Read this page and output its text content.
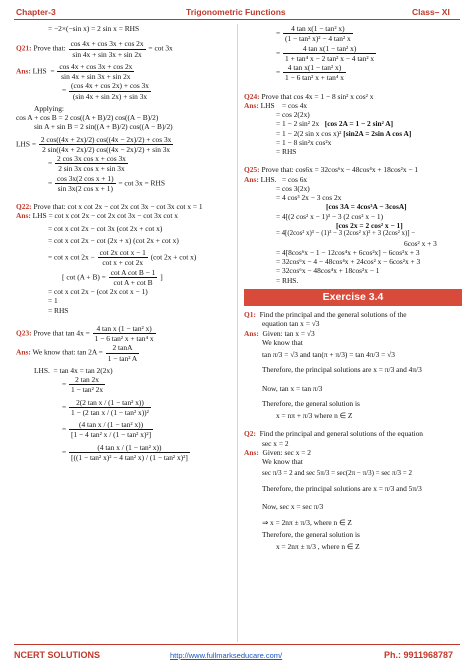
Chapter-3	Trigonometric Functions	Class– XI

= −2×(−sin x) = 2 sin x = RHS

Q21: Prove that: $\frac{\cos 4x + \cos 3x + \cos 2x}{\sin 4x + \sin 3x + \sin 2x} = \cot 3x$

Ans: LHS  = $\frac{\cos 4x + \cos 3x + \cos 2x}{\sin 4x + \sin 3x + \sin 2x}$

= $\frac{(\cos 4x + \cos 2x) + \cos 3x}{(\sin 4x + \sin 2x) + \sin 3x}$

Applying:

cos A + cos B = 2 cos((A + B)/2) cos((A − B)/2)

sin A + sin B = 2 sin((A + B)/2) cos((A − B)/2)

LHS = $\frac{2 \cos((4x + 2x)/2) \cos((4x - 2x)/2) + \cos 3x}{2 \sin((4x + 2x)/2) \cos((4x - 2x)/2) + \sin 3x}$

= $\frac{\text{2 cos 3x cos x + cos 3x}}{\text{2 sin 3x cos x + sin 3x}}$

= $\frac{\text{cos 3x(2 cos x + 1)}}{\text{sin 3x(2 cos x + 1)}} = \cot 3x$ = RHS

Q22: Prove that: cot x cot 2x − cot 2x cot 3x − cot 3x cot x = 1

Ans: LHS = cot x cot 2x − cot 2x cot 3x − cot 3x cot x

= cot x cot 2x − cot 3x (cot 2x + cot x)

= cot x cot 2x − cot (2x + x) (cot 2x + cot x)

= cot x $\cot 2x - \frac{\text{cot 2x cot x − 1}}{\text{cot x + cot 2x}} (\cot$ 2x + cot x)

[ $\cot (A + B) = \frac{\text{cot A cot B − 1}}{\text{cot A + cot B}}$ ]

= cot x cot 2x − (cot 2x cot x − 1)

= 1

= RHS

Q23: Prove that $\tan 4x = \frac{\text{4 tan x (1 − tan² x)}}{\text{1 − 6 tan² x + tan⁴ x}}$

Ans: We know that: $\tan 2A = \frac{2 \tan A}{\text{1 − tan² A}}$

LHS. = tan 4x = tan 2(2x)

= $\frac{2 \tan 2x}{\text{1 − tan² 2x}}$

= $\frac{\text{2(2 tan x / (1 − tan² x))}}{\text{1 − (2 tan x / (1 − tan² x))²}}$

= $\frac{\text{(4 tan x / (1 − tan² x))}}{\text{[1 − 4 tan² x / (1 − tan² x)²]}}$

= $\frac{\text{(4 tan x / (1 − tan² x))}}{\text{[((1 − tan² x)² − 4 tan² x) / (1 − tan² x)²]}}$

= $\frac{\text{4 tan x(1 − tan² x)}}{\text{(1 − tan² x)² − 4 tan² x}}$

= $\frac{\text{4 tan x(1 − tan² x)}}{\text{1 + tan⁴ x − 2 tan² x − 4 tan² x}}$

= $\frac{\text{4 tan x(1 − tan² x)}}{\text{1 − 6 tan² x + tan⁴ x}}$

Q24: Prove that cos 4x = 1 − 8 sin² x cos² x

Ans: LHS = cos 4x

= cos 2(2x)

= 1 − 2 sin² 2x [cos 2A = 1 − 2 sin² A]

= 1 − 2(2 sin x cos x)² [sin2A = 2sin A cos A]

= 1 − 8 sin²x cos²x

= RHS

Q25: Prove that: cos6x = 32cos⁶x − 48cos⁴x + 18cos²x − 1

Ans: LHS. = cos 6x

= cos 3(2x)

= 4 cos³ 2x − 3 cos 2x

[cos 3A = 4cos³A − 3cosA]

= 4[(2 cos² x − 1)³ − 3 (2 cos² x − 1)

[cos 2x = 2 cos² x − 1]

= 4[(2cos² x)³ − (1)³ − 3 (2cos² x)² + 3 (2cos² x)] −

6cos² x + 3

= 4[8cos⁶x − 1 − 12cos⁴x + 6cos²x] − 6cos²x + 3

= 32cos⁶x − 4 − 48cos⁴x + 24cos² x − 6cos²x + 3

= 32cos⁶x − 48cos⁴x + 18cos²x − 1

= RHS.

Exercise 3.4

Q1: Find the principal and the general solutions of the

equation tan x = √3

Ans: Given: tan x = √3

We know that

tan π/3 = √3 and tan(π + π/3) = tan 4π/3 = √3

Therefore, the principal solutions are x = π/3 and 4π/3

Now, tan x = tan π/3

Therefore, the general solution is

x = nπ + π/3 where n ∈ Z

Q2: Find the principal and general solutions of the equation

sec x = 2

Ans: Given: sec x = 2

We know that

sec π/3 = 2 and sec 5π/3 = sec(2π − π/3) = sec π/3 = 2

Therefore, the principal solutions are x = π/3 and 5π/3

Now, sec x = sec π/3

⇒ x = 2nπ ± π/3, where n ∈ Z

Therefore, the general solution is

x = 2nπ ± π/3 , where n ∈ Z

NCERT SOLUTIONS	http://www.fullmarkseducare.com/	Ph.: 9911968787
